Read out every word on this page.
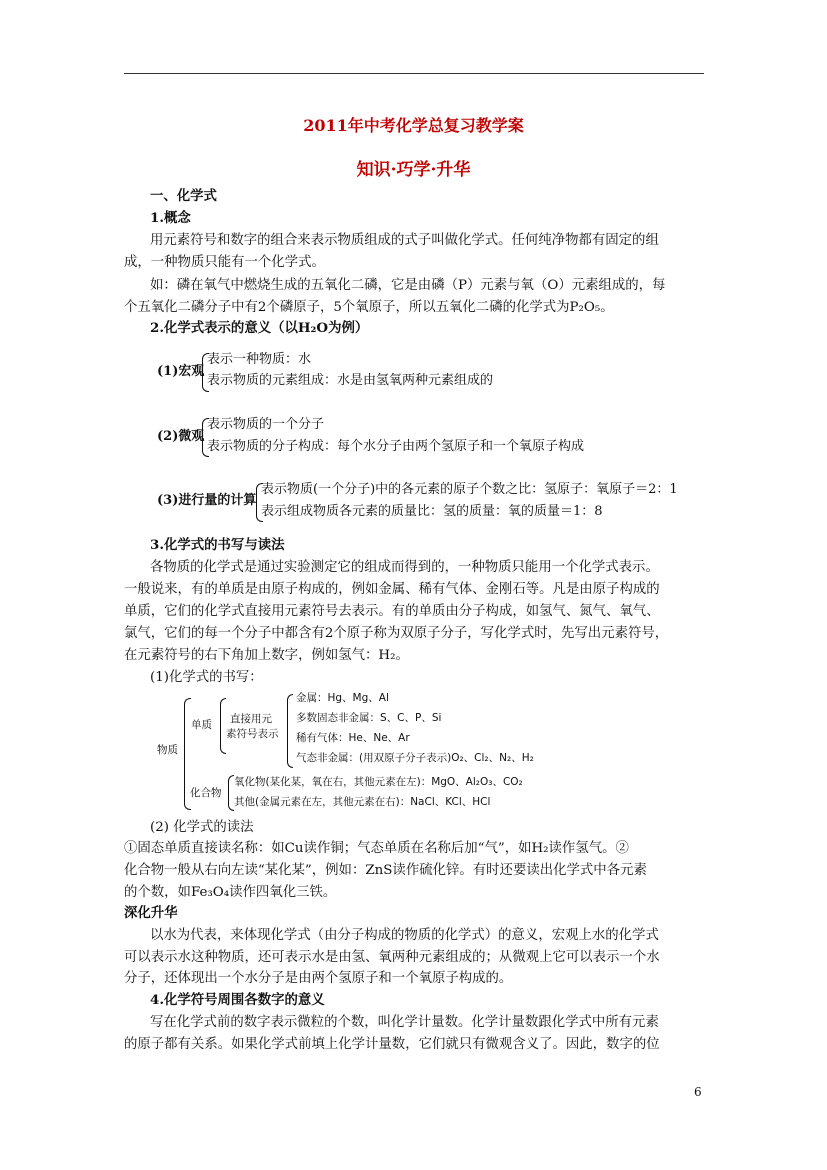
2011年中考化学总复习教学案
知识·巧学·升华
一、化学式
1.概念
用元素符号和数字的组合来表示物质组成的式子叫做化学式。任何纯净物都有固定的组
成，一种物质只能有一个化学式。
如：磷在氧气中燃烧生成的五氧化二磷，它是由磷（P）元素与氧（O）元素组成的，每
个五氧化二磷分子中有2个磷原子，5个氧原子，所以五氧化二磷的化学式为P₂O₅。
2.化学式表示的意义（以H₂O为例）
(1)宏观
表示一种物质：水
表示物质的元素组成：水是由氢氧两种元素组成的
(2)微观
表示物质的一个分子
表示物质的分子构成：每个水分子由两个氢原子和一个氧原子构成
(3)进行量的计算
表示物质(一个分子)中的各元素的原子个数之比：氢原子：氧原子＝2：1
表示组成物质各元素的质量比：氢的质量：氧的质量＝1：8
3.化学式的书写与读法
各物质的化学式是通过实验测定它的组成而得到的，一种物质只能用一个化学式表示。
一般说来，有的单质是由原子构成的，例如金属、稀有气体、金刚石等。凡是由原子构成的
单质，它们的化学式直接用元素符号去表示。有的单质由分子构成，如氢气、氮气、氧气、
氯气，它们的每一个分子中都含有2个原子称为双原子分子，写化学式时，先写出元素符号，
在元素符号的右下角加上数字，例如氢气：H₂。
(1)化学式的书写：
物质
单质 直接用元
素符号表示
金属：Hg、Mg、Al
多数固态非金属：S、C、P、Si
稀有气体：He、Ne、Ar
气态非金属：(用双原子分子表示)O₂、Cl₂、N₂、H₂
化合物
氧化物(某化某，氧在右，其他元素在左)：MgO、Al₂O₃、CO₂
其他(金属元素在左，其他元素在右)：NaCl、KCl、HCl
(2) 化学式的读法
①固态单质直接读名称：如Cu读作铜；气态单质在名称后加“气”，如H₂读作氢气。②
化合物一般从右向左读“某化某”，例如：ZnS读作硫化锌。有时还要读出化学式中各元素
的个数，如Fe₃O₄读作四氧化三铁。
深化升华
以水为代表，来体现化学式（由分子构成的物质的化学式）的意义，宏观上水的化学式
可以表示水这种物质，还可表示水是由氢、氧两种元素组成的；从微观上它可以表示一个水
分子，还体现出一个水分子是由两个氢原子和一个氧原子构成的。
4.化学符号周围各数字的意义
写在化学式前的数字表示微粒的个数，叫化学计量数。化学计量数跟化学式中所有元素
的原子都有关系。如果化学式前填上化学计量数，它们就只有微观含义了。因此，数字的位
6
